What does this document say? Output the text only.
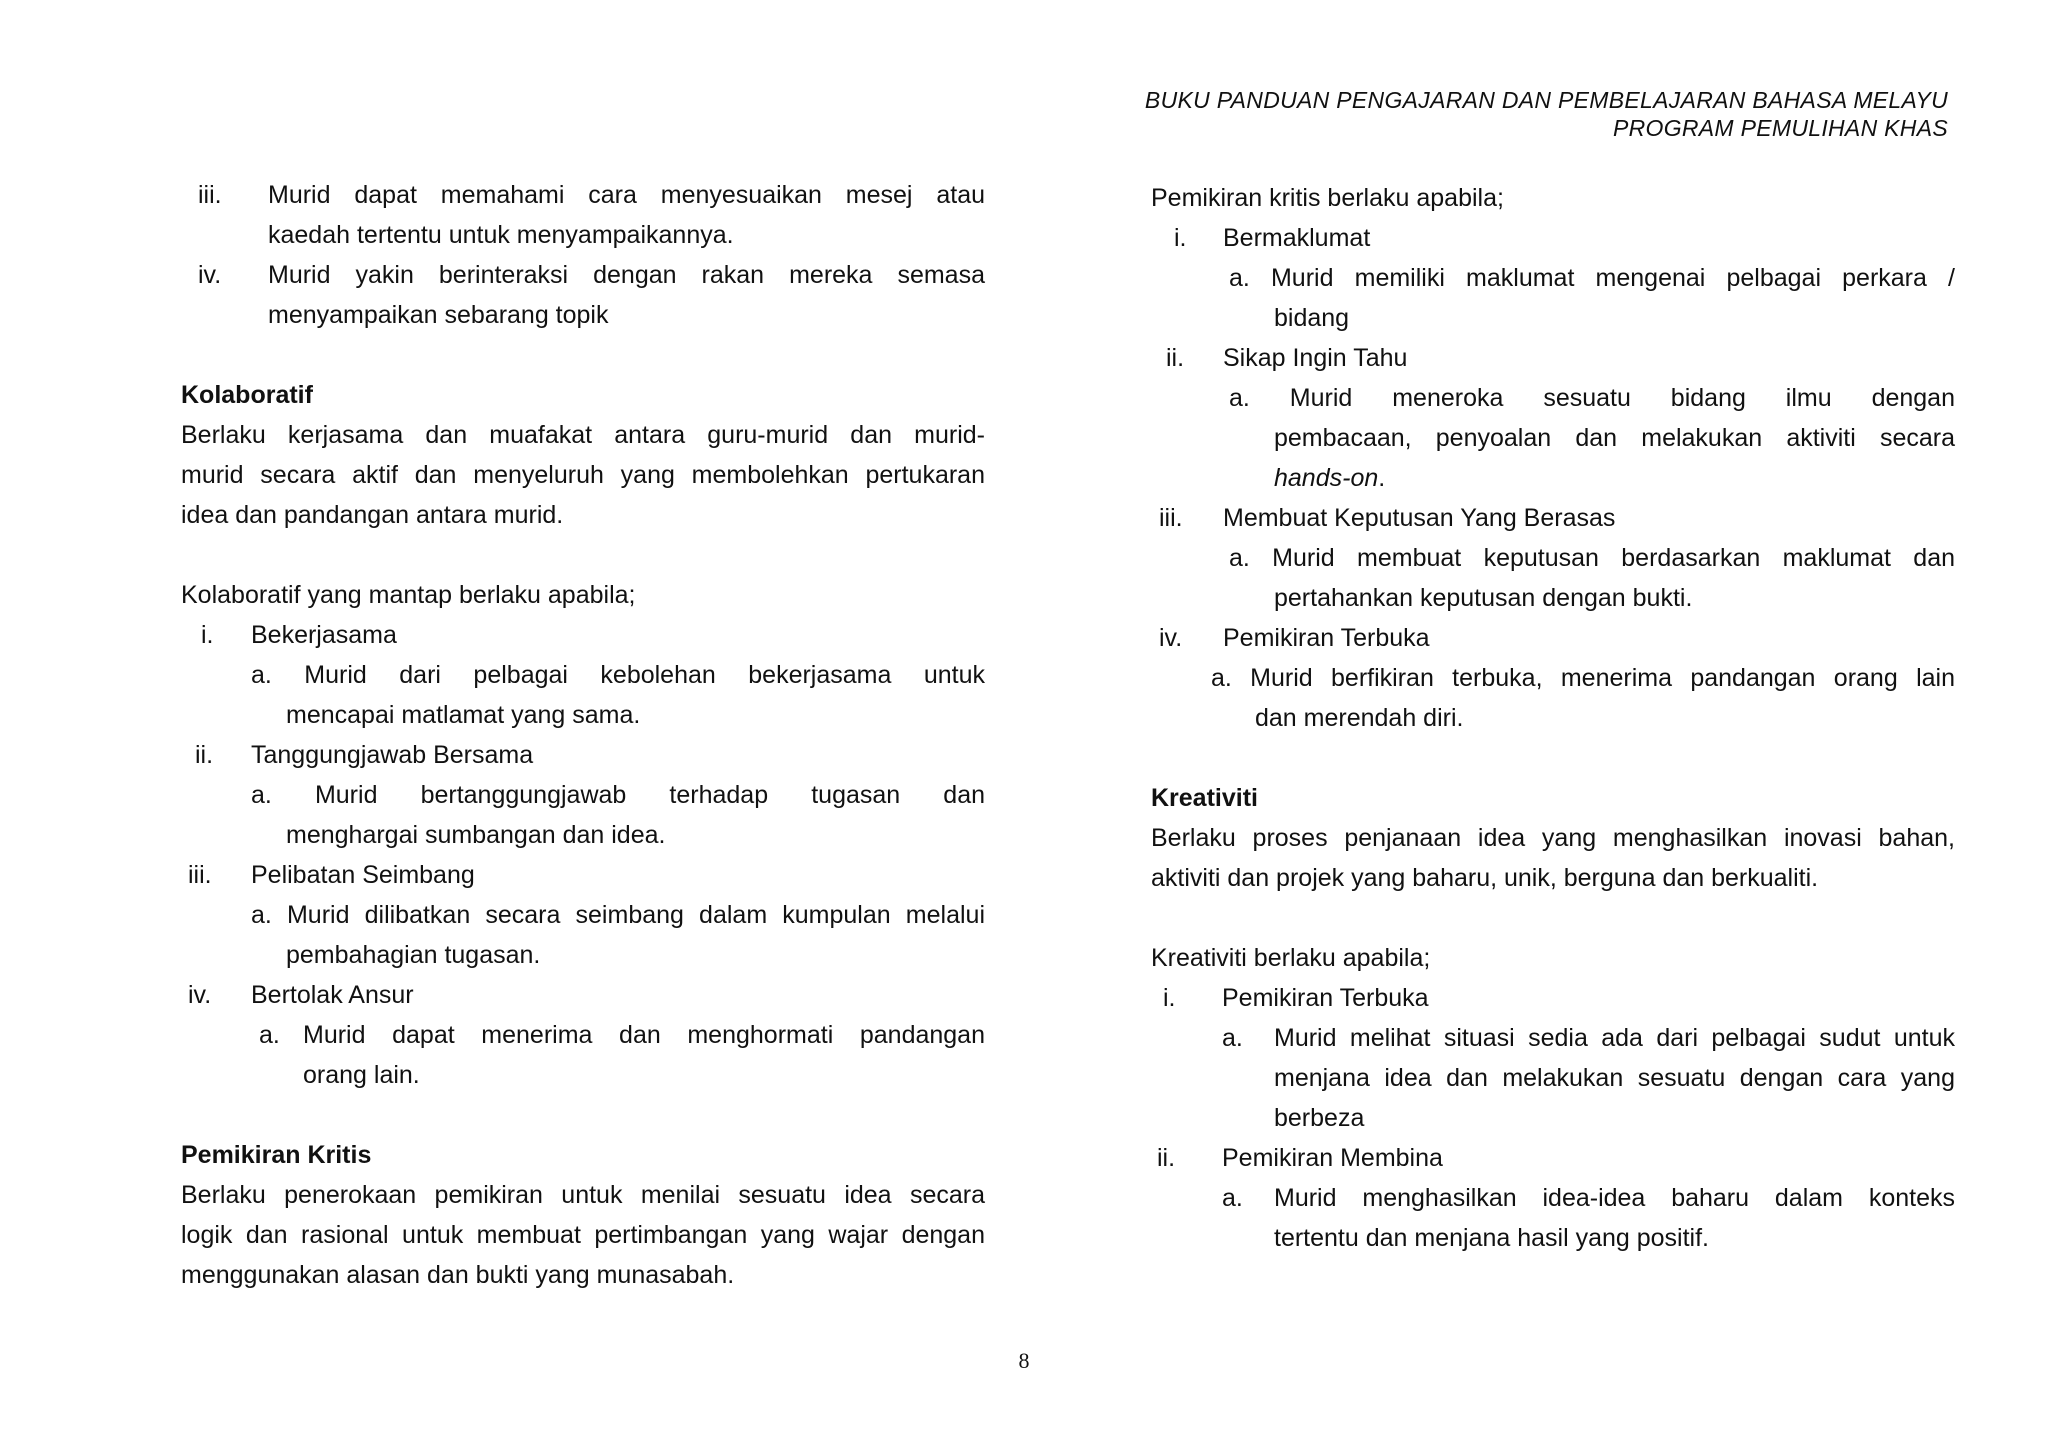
BUKU PANDUAN PENGAJARAN DAN PEMBELAJARAN BAHASA MELAYU
PROGRAM PEMULIHAN KHAS
iii. Murid dapat memahami cara menyesuaikan mesej atau
kaedah tertentu untuk menyampaikannya.
iv. Murid yakin berinteraksi dengan rakan mereka semasa
menyampaikan sebarang topik
Kolaboratif
Berlaku kerjasama dan muafakat antara guru-murid dan murid-
murid secara aktif dan menyeluruh yang membolehkan pertukaran
idea dan pandangan antara murid.
Kolaboratif yang mantap berlaku apabila;
i. Bekerjasama
a. Murid dari pelbagai kebolehan bekerjasama untuk
mencapai matlamat yang sama.
ii. Tanggungjawab Bersama
a. Murid bertanggungjawab terhadap tugasan dan
menghargai sumbangan dan idea.
iii. Pelibatan Seimbang
a. Murid dilibatkan secara seimbang dalam kumpulan melalui
pembahagian tugasan.
iv. Bertolak Ansur
a. Murid dapat menerima dan menghormati pandangan
orang lain.
Pemikiran Kritis
Berlaku penerokaan pemikiran untuk menilai sesuatu idea secara
logik dan rasional untuk membuat pertimbangan yang wajar dengan
menggunakan alasan dan bukti yang munasabah.
Pemikiran kritis berlaku apabila;
i. Bermaklumat
a. Murid memiliki maklumat mengenai pelbagai perkara /
bidang
ii. Sikap Ingin Tahu
a. Murid meneroka sesuatu bidang ilmu dengan
pembacaan, penyoalan dan melakukan aktiviti secara
hands-on.
iii. Membuat Keputusan Yang Berasas
a. Murid membuat keputusan berdasarkan maklumat dan
pertahankan keputusan dengan bukti.
iv. Pemikiran Terbuka
a. Murid berfikiran terbuka, menerima pandangan orang lain
dan merendah diri.
Kreativiti
Berlaku proses penjanaan idea yang menghasilkan inovasi bahan,
aktiviti dan projek yang baharu, unik, berguna dan berkualiti.
Kreativiti berlaku apabila;
i. Pemikiran Terbuka
a. Murid melihat situasi sedia ada dari pelbagai sudut untuk
menjana idea dan melakukan sesuatu dengan cara yang
berbeza
ii. Pemikiran Membina
a. Murid menghasilkan idea-idea baharu dalam konteks
tertentu dan menjana hasil yang positif.
8
